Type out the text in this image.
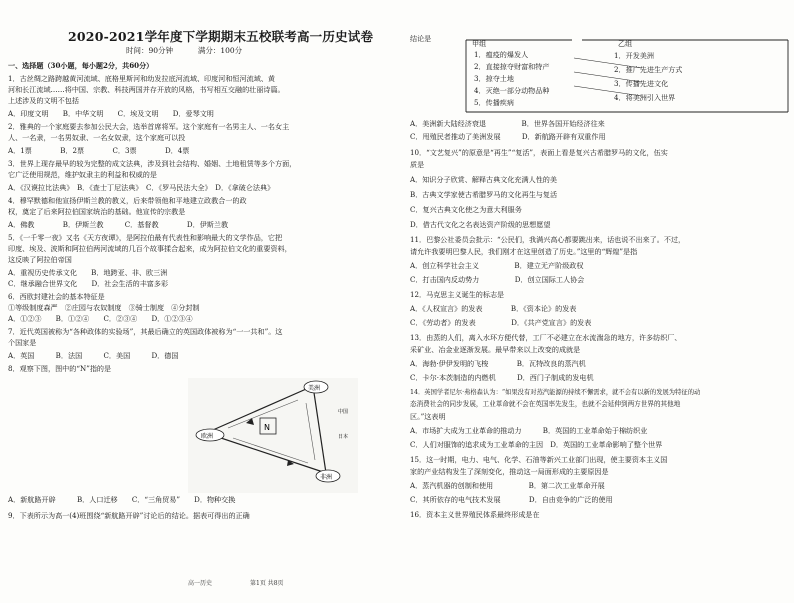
2020-2021学年度下学期期末五校联考高一历史试卷
时间：90分钟	满分：100分
一、选择题（30小题，每小题2分，共60分）
1．古丝绸之路跨越黄河流域、底格里斯河和幼发拉底河流域、印度河和恒河流域、黄
河和长江流域……将中国、宗教、科技两国并存开放的风格，书写相互交融的壮丽诗篇。
上述涉及的文明不包括
A．印度文明　　B．中华文明　　C．埃及文明　　D．爱琴文明
2．雅典的一个家庭要去参加公民大会，选举首席将军。这个家庭有一名男主人、一名女主
人、一名隶，一名男奴隶、一名女奴隶，这个家庭可以投
A．1票　　　　B．2票　　　　C．3票　　　　D．4票
3．世界上现存最早的较为完整的成文法典，涉及到社会结构、婚姻、土地租赁等多个方面，
它广泛使用规范，维护奴隶主的利益和权威的是
A．《汉谟拉比法典》　B．《查士丁尼法典》　C．《罗马民法大全》　D．《拿破仑法典》
4．穆罕默德和他宣扬伊斯兰教的教义，后来带领他和平地建立政教合一的政
权，奠定了后来阿拉伯国家统治的基础。他宣传的宗教是
A．佛教　　　　B．伊斯兰教　　　C．基督教　　　　D．伊斯兰教
5．《一千零一夜》又名《天方夜谭》，是阿拉伯最有代表性和影响最大的文学作品，它把
印度、埃及、波斯和阿拉伯两河流域的几百个故事揉合起来，成为阿拉伯文化的重要资料，
这反映了阿拉伯帝国
A．重视历史传承文化　　B．地跨亚、非、欧三洲
C．继承融合世界文化　　D．社会生活的丰富多彩
6．西欧封建社会的基本特征是
①等级制度森严　②庄园与农奴制度　③骑士制度　④分封制
A．①②③　　B．①②④　　C．②③④　　D．①②③④
7．近代英国被称为“各种政体的实验场”，其最后确立的英国政体被称为“一一共和”。这
个国家是
A．英国　　　B．法国　　　C．美国　　　D．德国
8．观察下图，图中的“N”指的是
N
欧洲
美洲
非洲
中国
日本
A．新航路开辟　　　B．人口迁移　　C．“三角贸易”　　D．物种交换
9．下表所示为高一(4)班围绕“新航路开辟”讨论后的结论。据表可得出的正确
高一历史
结论是
甲组	乙组
1．瘟疫的爆发人
2．直接掠夺财富和特产
3．掠夺土地
4．灭绝一部分动物品种
5．传播疾病
1．开发美洲
2．推广先进生产方式
3．传播先进文化
4．将美洲引入世界
A．美洲新大陆经济衰退　　　　　B．世界各国开始经济往来
C．甩殖民者推动了美洲发展　　　D．新航路开辟有双重作用
10．“文艺复兴”的原意是“再生”“复活”，表面上看是复兴古希腊罗马的文化，伍实
质是
A．知识分子欣赏、解释古典文化充满人性的美
B．古典文学家使古希腊罗马的文化再生与复活
C．复兴古典文化使之为意大利服务
D．借古代文化之名表达资产阶级的思想愿望
11．巴黎公社委员会批示：“公民们，我满兴高心都要跳出来，话也说不出来了。不过，
请允许我要明巴黎人民，我们刚才在这里创造了历史。”这里的“辉煌”是指
A．创立科学社会主义　　　　　B．建立无产阶级政权
C．打击国内反动势力　　　　　D．创立国际工人协会
12．马克思主义诞生的标志是
A．《人权宣言》的发表　　　　B．《资本论》的发表
C．《劳动者》的发表　　　　　D．《共产党宣言》的发表
13．由蒸的人们，离入水环方便代替，工厂不必建立在水流湍急的地方，许多纺织厂、
采矿业、冶金业逐渐发展。最早带来以上改变的成就是
A．海勃·伊伊发明的飞梭　　　　B．瓦特改良的蒸汽机
C．卡尔·本茨制造的内燃机　　　D．西门子制成的发电机
14．英国学者尼尔·弗格森认为：“如果没有对蒸汽能源的持续不懈需求，就不会有以新的发展为特征的动
态消费社会的同步发展，工业革命就不会在英国率先发生，也就不会延伸到两方世界的其他地
区。”这表明
A．市场扩大成为工业革命的推动力　　　B．英国的工业革命始于棉纺织业
C．人们对服饰的追求成为工业革命的主因　D．英国的工业革命影响了整个世界
15．这一时期，电力、电气、化学、石油等新兴工业部门出现，使主要资本主义国
家的产业结构发生了深刻变化，推动这一局面形成的主要原因是
A．蒸汽机器的创制和使用　　　　　B．第二次工业革命开展
C．其所依存的电气技术发展　　　　D．自由竞争的广泛的使用
16．资本主义世界殖民体系最终形成是在
第1页 共8页
